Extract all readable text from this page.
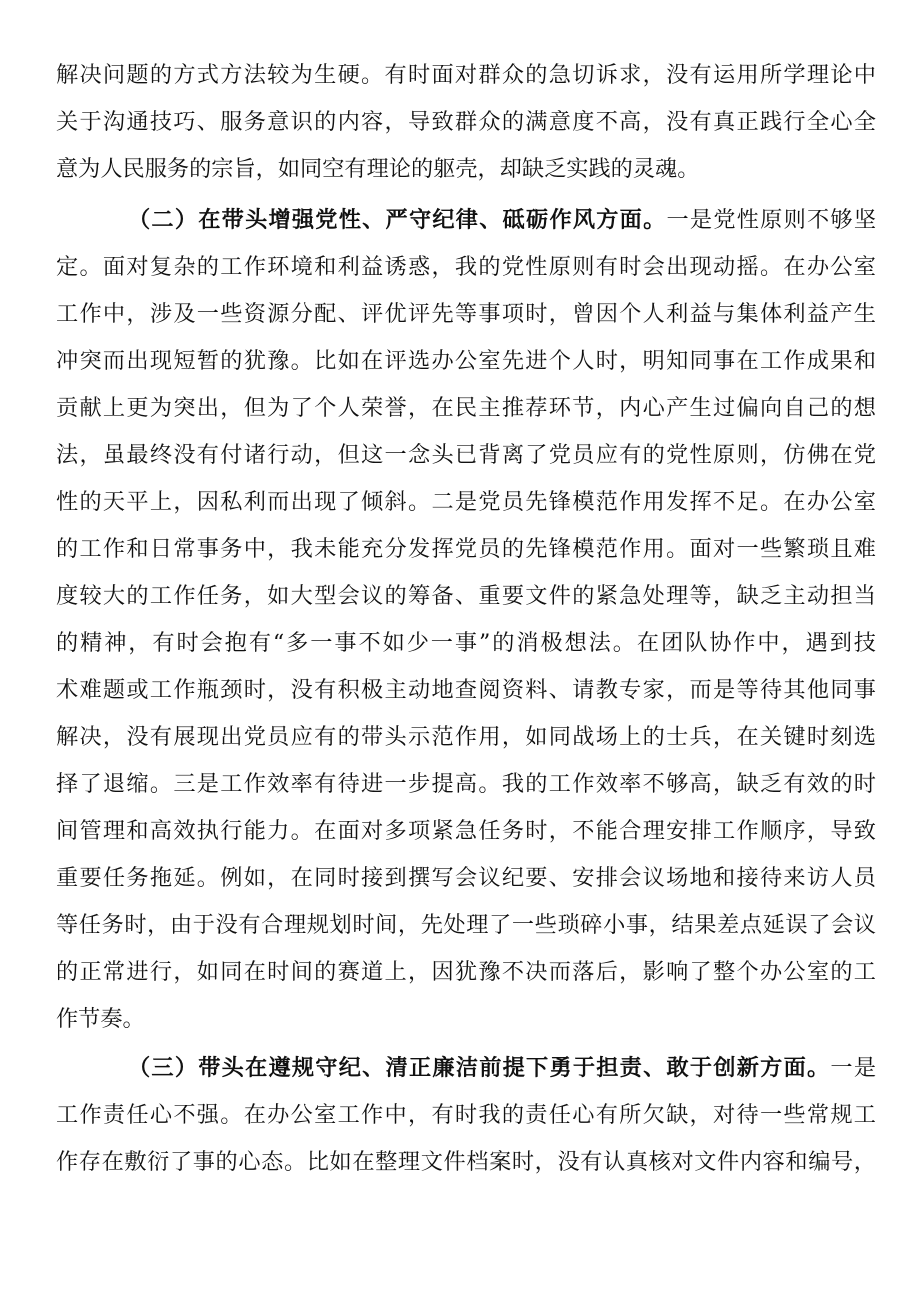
解决问题的方式方法较为生硬。有时面对群众的急切诉求，没有运用所学理论中
关于沟通技巧、服务意识的内容，导致群众的满意度不高，没有真正践行全心全
意为人民服务的宗旨，如同空有理论的躯壳，却缺乏实践的灵魂。
（二）在带头增强党性、严守纪律、砥砺作风方面。一是党性原则不够坚
定。面对复杂的工作环境和利益诱惑，我的党性原则有时会出现动摇。在办公室
工作中，涉及一些资源分配、评优评先等事项时，曾因个人利益与集体利益产生
冲突而出现短暂的犹豫。比如在评选办公室先进个人时，明知同事在工作成果和
贡献上更为突出，但为了个人荣誉，在民主推荐环节，内心产生过偏向自己的想
法，虽最终没有付诸行动，但这一念头已背离了党员应有的党性原则，仿佛在党
性的天平上，因私利而出现了倾斜。二是党员先锋模范作用发挥不足。在办公室
的工作和日常事务中，我未能充分发挥党员的先锋模范作用。面对一些繁琐且难
度较大的工作任务，如大型会议的筹备、重要文件的紧急处理等，缺乏主动担当
的精神，有时会抱有“多一事不如少一事”的消极想法。在团队协作中，遇到技
术难题或工作瓶颈时，没有积极主动地查阅资料、请教专家，而是等待其他同事
解决，没有展现出党员应有的带头示范作用，如同战场上的士兵，在关键时刻选
择了退缩。三是工作效率有待进一步提高。我的工作效率不够高，缺乏有效的时
间管理和高效执行能力。在面对多项紧急任务时，不能合理安排工作顺序，导致
重要任务拖延。例如，在同时接到撰写会议纪要、安排会议场地和接待来访人员
等任务时，由于没有合理规划时间，先处理了一些琐碎小事，结果差点延误了会议
的正常进行，如同在时间的赛道上，因犹豫不决而落后，影响了整个办公室的工
作节奏。
（三）带头在遵规守纪、清正廉洁前提下勇于担责、敢于创新方面。一是
工作责任心不强。在办公室工作中，有时我的责任心有所欠缺，对待一些常规工
作存在敷衍了事的心态。比如在整理文件档案时，没有认真核对文件内容和编号，
